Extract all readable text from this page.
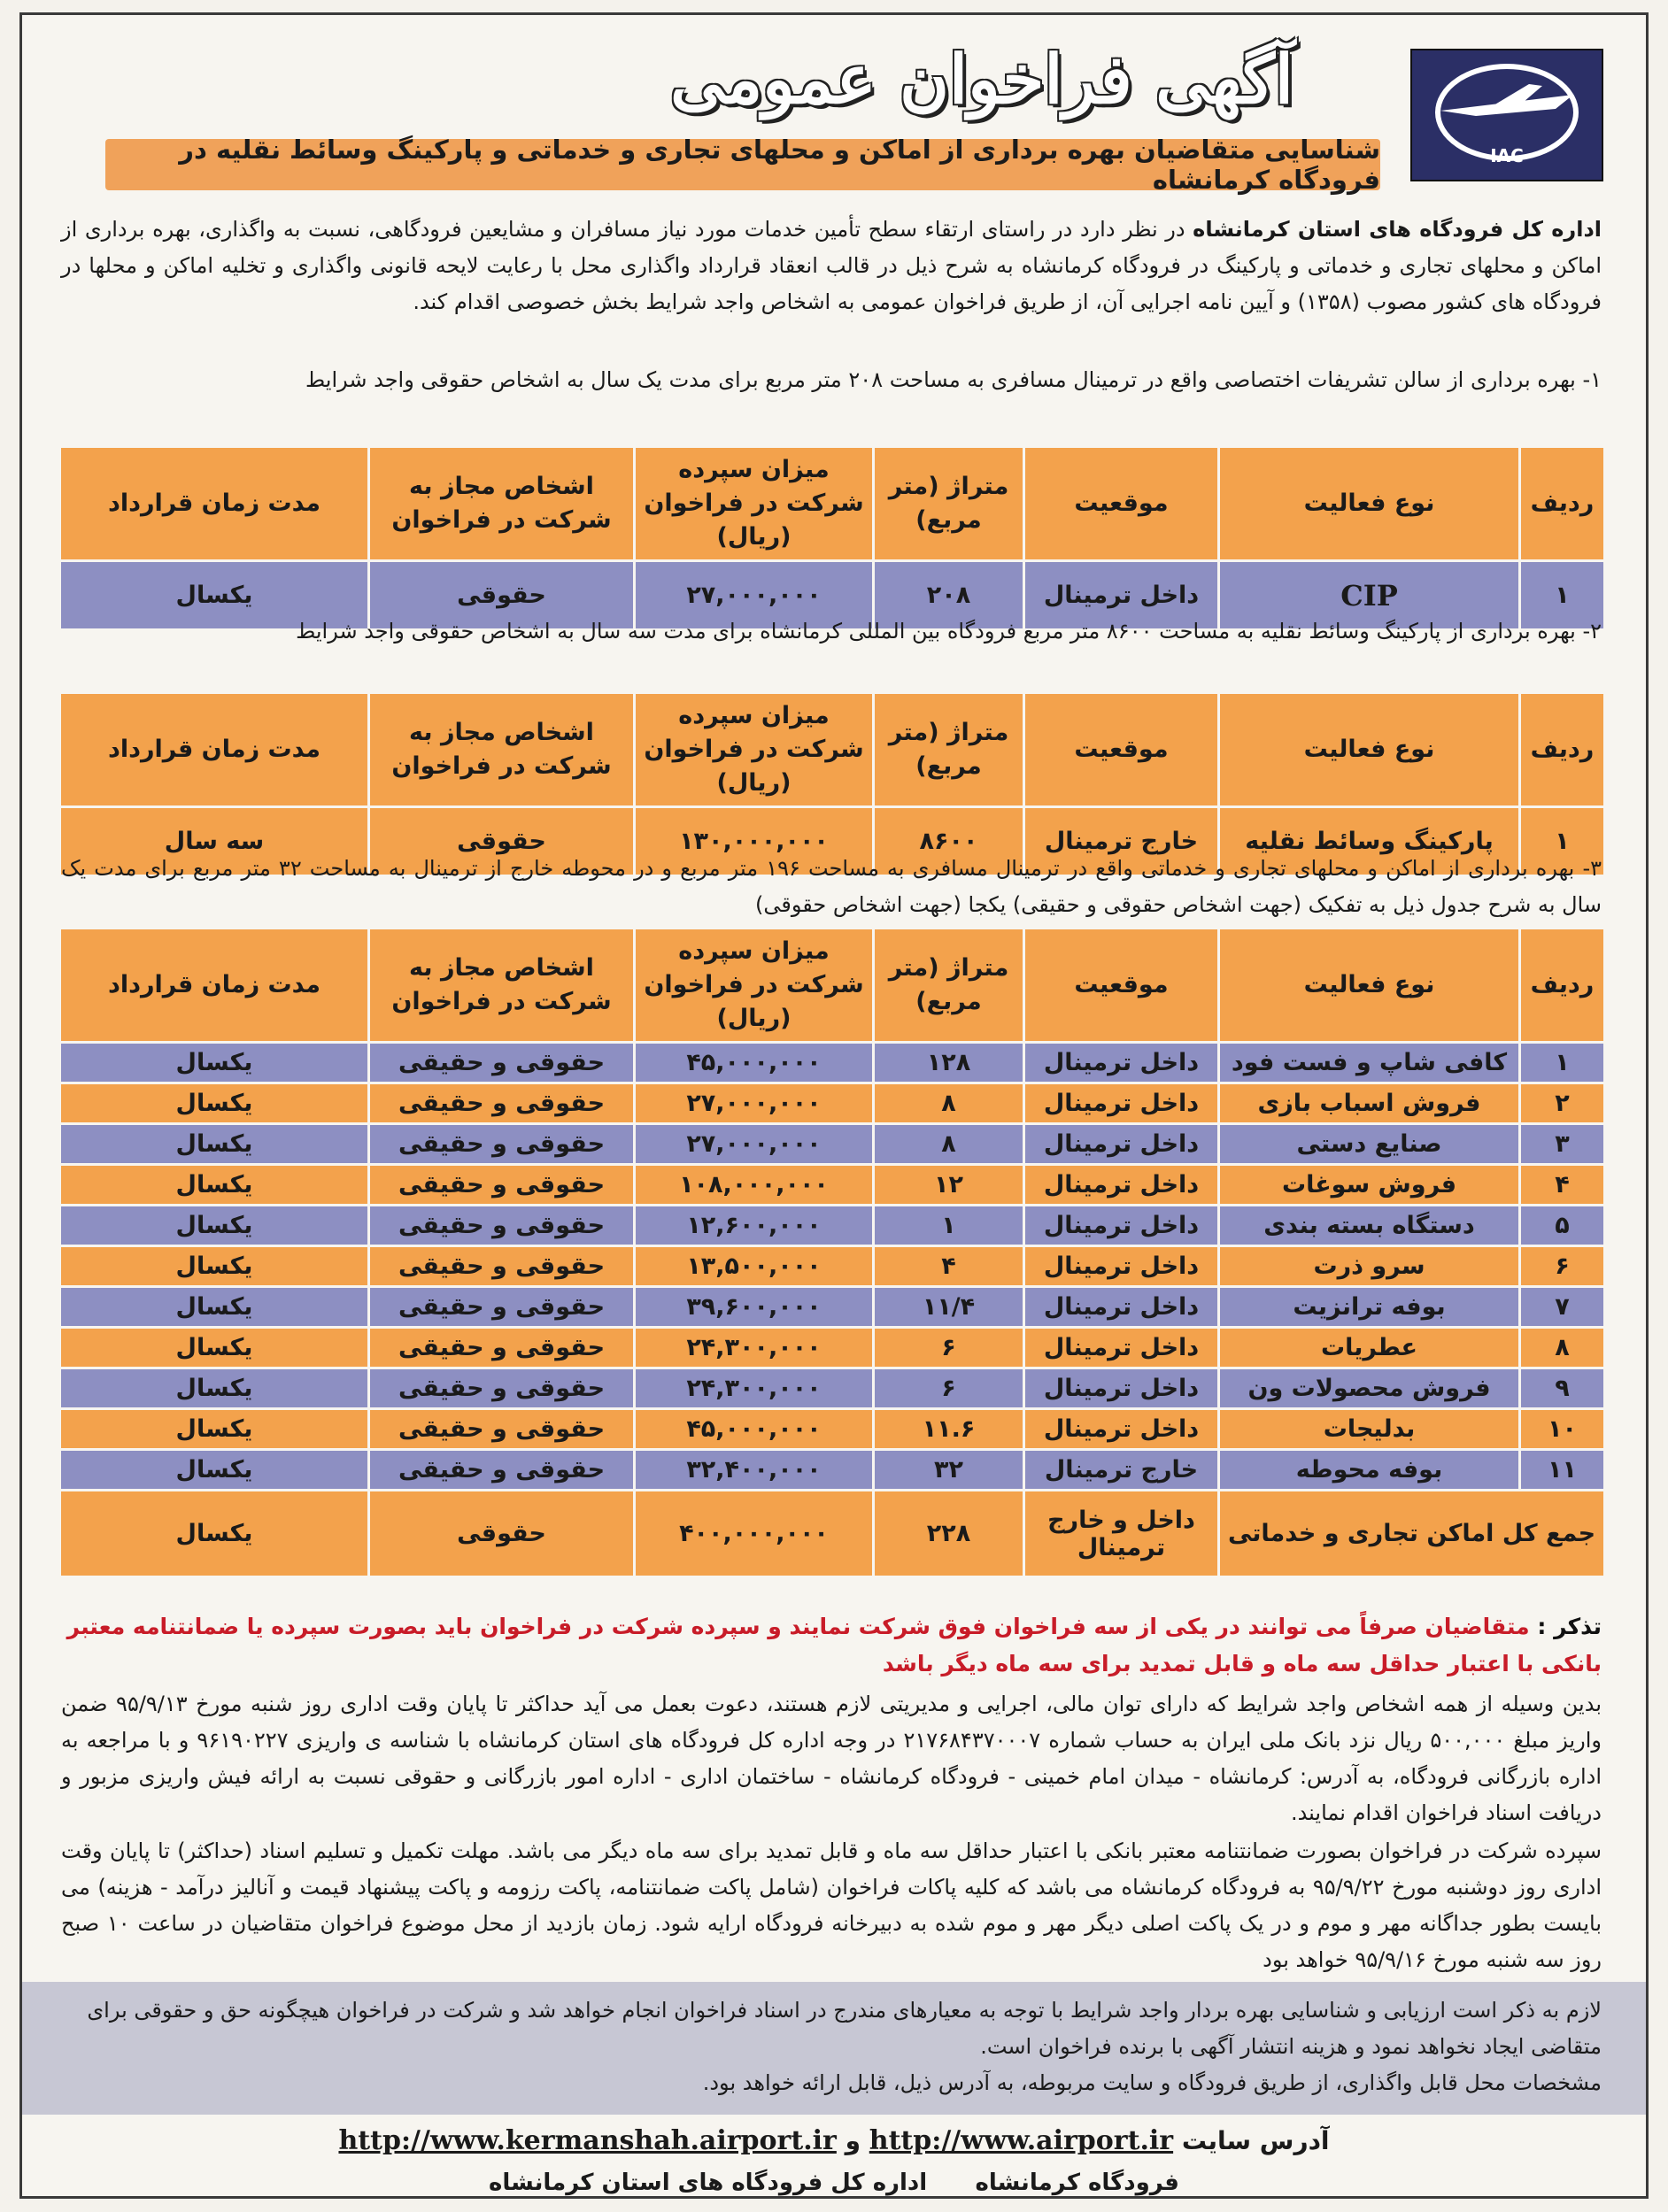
IAC
آگهی فراخوان عمومی
شناسایی متقاضیان بهره برداری از اماکن و محلهای تجاری و خدماتی و پارکینگ وسائط نقلیه در فرودگاه کرمانشاه
اداره کل فرودگاه های استان کرمانشاه در نظر دارد در راستای ارتقاء سطح تأمین خدمات مورد نیاز مسافران و مشایعین فرودگاهی، نسبت به واگذاری، بهره برداری از اماکن و محلهای تجاری و خدماتی و پارکینگ در فرودگاه کرمانشاه به شرح ذیل در قالب انعقاد قرارداد واگذاری محل با رعایت لایحه قانونی واگذاری و تخلیه اماکن و محلها در فرودگاه های کشور مصوب (۱۳۵۸) و آیین نامه اجرایی آن، از طریق فراخوان عمومی به اشخاص واجد شرایط بخش خصوصی اقدام کند.
۱- بهره برداری از سالن تشریفات اختصاصی واقع در ترمینال مسافری به مساحت ۲۰۸ متر مربع برای مدت یک سال به اشخاص حقوقی واجد شرایط
ردیف	نوع فعالیت	موقعیت	متراژ (متر مربع)	میزان سپرده شرکت در فراخوان (ریال)	اشخاص مجاز به شرکت در فراخوان	مدت زمان قرارداد
۱	CIP	داخل ترمینال	۲۰۸	۲۷,۰۰۰,۰۰۰	حقوقی	یکسال
۲- بهره برداری از پارکینگ وسائط نقلیه به مساحت ۸۶۰۰ متر مربع فرودگاه بین المللی کرمانشاه برای مدت سه سال به اشخاص حقوقی واجد شرایط
ردیف	نوع فعالیت	موقعیت	متراژ (متر مربع)	میزان سپرده شرکت در فراخوان (ریال)	اشخاص مجاز به شرکت در فراخوان	مدت زمان قرارداد
۱	پارکینگ وسائط نقلیه	خارج ترمینال	۸۶۰۰	۱۳۰,۰۰۰,۰۰۰	حقوقی	سه سال
۳- بهره برداری از اماکن و محلهای تجاری و خدماتی واقع در ترمینال مسافری به مساحت ۱۹۶ متر مربع و در محوطه خارج از ترمینال به مساحت ۳۲ متر مربع برای مدت یک سال به شرح جدول ذیل به تفکیک (جهت اشخاص حقوقی و حقیقی) یکجا (جهت اشخاص حقوقی)
ردیف	نوع فعالیت	موقعیت	متراژ (متر مربع)	میزان سپرده شرکت در فراخوان (ریال)	اشخاص مجاز به شرکت در فراخوان	مدت زمان قرارداد
۱	کافی شاپ و فست فود	داخل ترمینال	۱۲۸	۴۵,۰۰۰,۰۰۰	حقوقی و حقیقی	یکسال
۲	فروش اسباب بازی	داخل ترمینال	۸	۲۷,۰۰۰,۰۰۰	حقوقی و حقیقی	یکسال
۳	صنایع دستی	داخل ترمینال	۸	۲۷,۰۰۰,۰۰۰	حقوقی و حقیقی	یکسال
۴	فروش سوغات	داخل ترمینال	۱۲	۱۰۸,۰۰۰,۰۰۰	حقوقی و حقیقی	یکسال
۵	دستگاه بسته بندی	داخل ترمینال	۱	۱۲,۶۰۰,۰۰۰	حقوقی و حقیقی	یکسال
۶	سرو ذرت	داخل ترمینال	۴	۱۳,۵۰۰,۰۰۰	حقوقی و حقیقی	یکسال
۷	بوفه ترانزیت	داخل ترمینال	۱۱/۴	۳۹,۶۰۰,۰۰۰	حقوقی و حقیقی	یکسال
۸	عطریات	داخل ترمینال	۶	۲۴,۳۰۰,۰۰۰	حقوقی و حقیقی	یکسال
۹	فروش محصولات ون	داخل ترمینال	۶	۲۴,۳۰۰,۰۰۰	حقوقی و حقیقی	یکسال
۱۰	بدلیجات	داخل ترمینال	۱۱.۶	۴۵,۰۰۰,۰۰۰	حقوقی و حقیقی	یکسال
۱۱	بوفه محوطه	خارج ترمینال	۳۲	۳۲,۴۰۰,۰۰۰	حقوقی و حقیقی	یکسال
جمع کل اماکن تجاری و خدماتی		داخل و خارج ترمینال	۲۲۸	۴۰۰,۰۰۰,۰۰۰	حقوقی	یکسال
تذکر : متقاضیان صرفاً می توانند در یکی از سه فراخوان فوق شرکت نمایند و سپرده شرکت در فراخوان باید بصورت سپرده یا ضمانتنامه معتبر بانکی با اعتبار حداقل سه ماه و قابل تمدید برای سه ماه دیگر باشد
بدین وسیله از همه اشخاص واجد شرایط که دارای توان مالی، اجرایی و مدیریتی لازم هستند، دعوت بعمل می آید حداکثر تا پایان وقت اداری روز شنبه مورخ ۹۵/۹/۱۳ ضمن واریز مبلغ ۵۰۰,۰۰۰ ریال نزد بانک ملی ایران به حساب شماره ۲۱۷۶۸۴۳۷۰۰۰۷ در وجه اداره کل فرودگاه های استان کرمانشاه با شناسه ی واریزی ۹۶۱۹۰۲۲۷ و با مراجعه به اداره بازرگانی فرودگاه، به آدرس: کرمانشاه - میدان امام خمینی - فرودگاه کرمانشاه - ساختمان اداری - اداره امور بازرگانی و حقوقی نسبت به ارائه فیش واریزی مزبور و دریافت اسناد فراخوان اقدام نمایند.
سپرده شرکت در فراخوان بصورت ضمانتنامه معتبر بانکی با اعتبار حداقل سه ماه و قابل تمدید برای سه ماه دیگر می باشد. مهلت تکمیل و تسلیم اسناد (حداکثر) تا پایان وقت اداری روز دوشنبه مورخ ۹۵/۹/۲۲ به فرودگاه کرمانشاه می باشد که کلیه پاکات فراخوان (شامل پاکت ضمانتنامه، پاکت رزومه و پاکت پیشنهاد قیمت و آنالیز درآمد - هزینه) می بایست بطور جداگانه مهر و موم و در یک پاکت اصلی دیگر مهر و موم شده به دبیرخانه فرودگاه ارایه شود. زمان بازدید از محل موضوع فراخوان متقاضیان در ساعت ۱۰ صبح روز سه شنبه مورخ ۹۵/۹/۱۶ خواهد بود
لازم به ذکر است ارزیابی و شناسایی بهره بردار واجد شرایط با توجه به معیارهای مندرج در اسناد فراخوان انجام خواهد شد و شرکت در فراخوان هیچگونه حق و حقوقی برای متقاضی ایجاد نخواهد نمود و هزینه انتشار آگهی با برنده فراخوان است.
مشخصات محل قابل واگذاری، از طریق فرودگاه و سایت مربوطه، به آدرس ذیل، قابل ارائه خواهد بود.
آدرس سایت http://www.airport.ir و http://www.kermanshah.airport.ir
فرودگاه کرمانشاه      اداره کل فرودگاه های استان کرمانشاه
